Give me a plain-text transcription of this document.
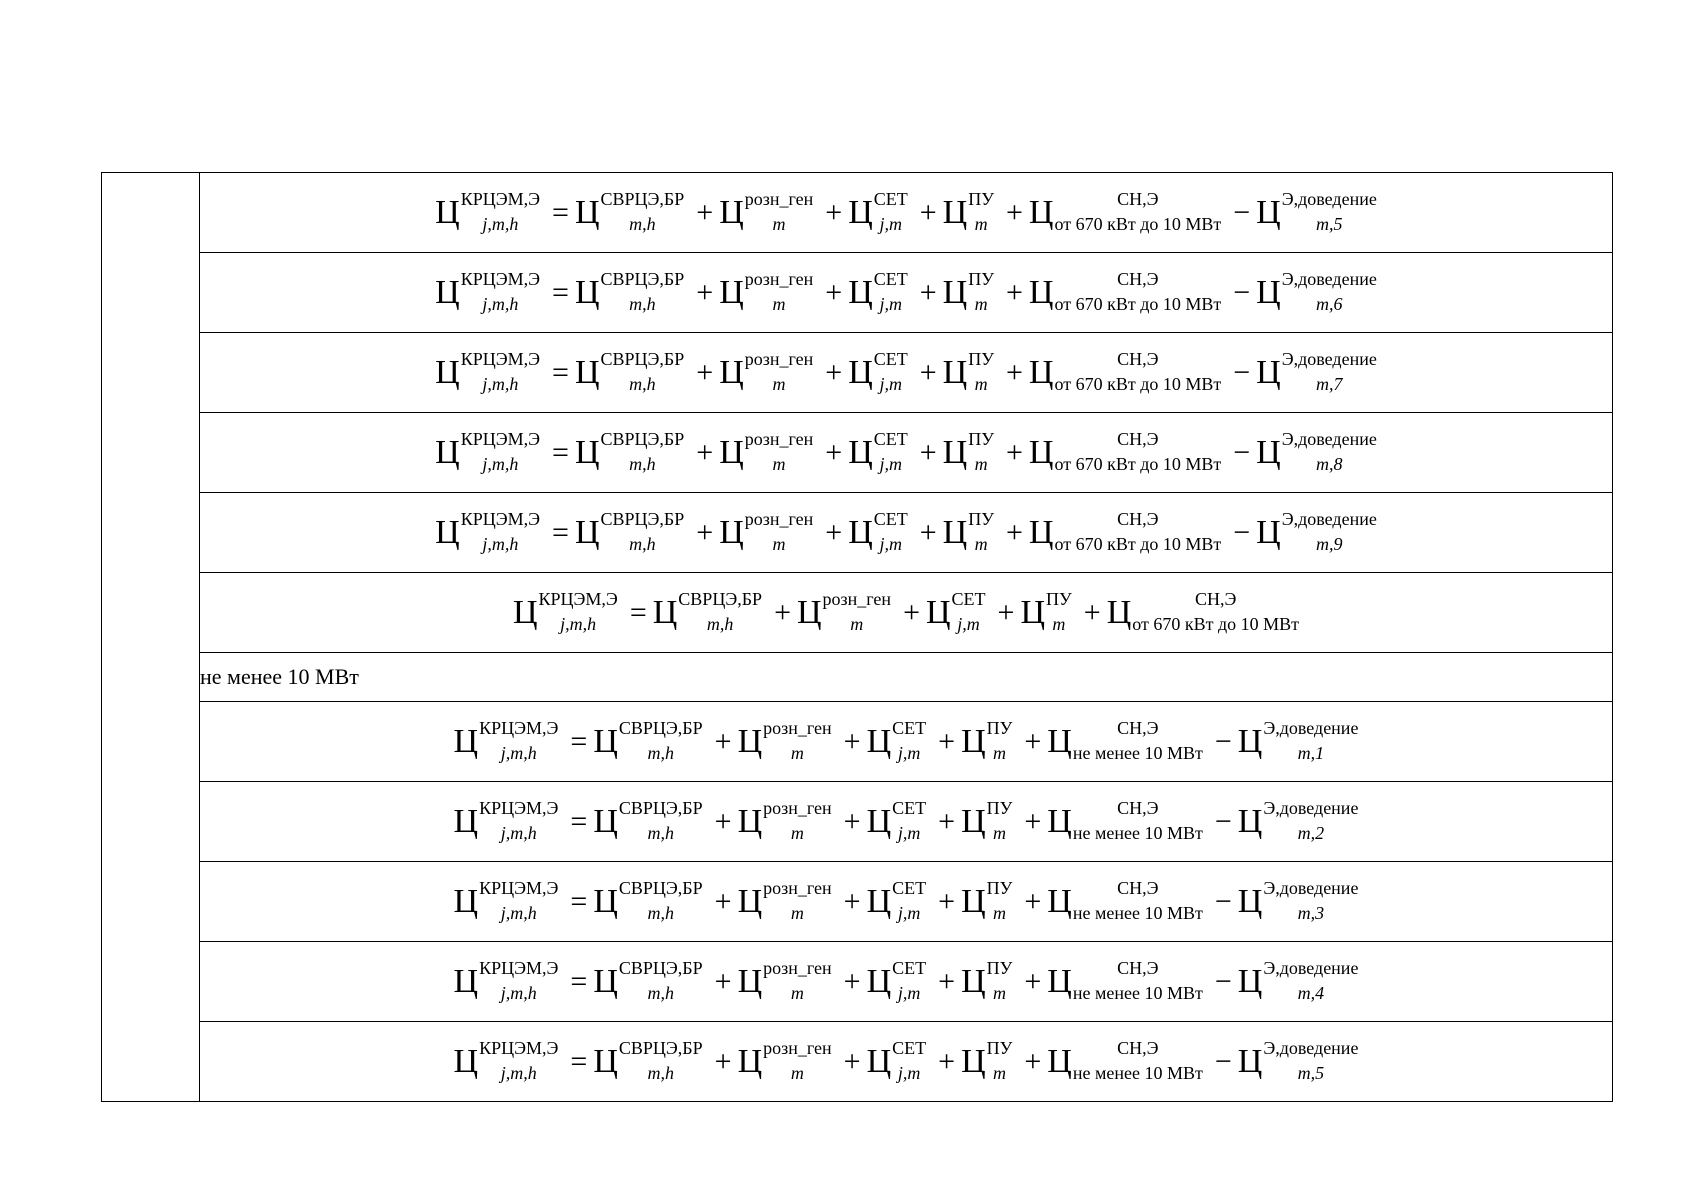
Ц КРЦЭМ,Э
j,m,h	= Ц СВРЦЭ,БР
m,h	+ Ц розн_ген
m	+ Ц СЕТ
j,m + Ц ПУ
m + Ц	СН,Э
от 670 кВт до 10 МВт − Ц Э,доведение
m,5

Ц КРЦЭМ,Э
j,m,h	= Ц СВРЦЭ,БР
m,h	+ Ц розн_ген
m	+ Ц СЕТ
j,m + Ц ПУ
m + Ц	СН,Э
от 670 кВт до 10 МВт − Ц Э,доведение
m,6

Ц КРЦЭМ,Э
j,m,h	= Ц СВРЦЭ,БР
m,h	+ Ц розн_ген
m	+ Ц СЕТ
j,m + Ц ПУ
m + Ц	СН,Э
от 670 кВт до 10 МВт − Ц Э,доведение
m,7

Ц КРЦЭМ,Э
j,m,h	= Ц СВРЦЭ,БР
m,h	+ Ц розн_ген
m	+ Ц СЕТ
j,m + Ц ПУ
m + Ц	СН,Э
от 670 кВт до 10 МВт − Ц Э,доведение
m,8

Ц КРЦЭМ,Э
j,m,h	= Ц СВРЦЭ,БР
m,h	+ Ц розн_ген
m	+ Ц СЕТ
j,m + Ц ПУ
m + Ц	СН,Э
от 670 кВт до 10 МВт − Ц Э,доведение
m,9

Ц КРЦЭМ,Э
j,m,h	= Ц СВРЦЭ,БР
m,h	+ Ц розн_ген
m	+ Ц СЕТ
j,m + Ц ПУ
m + Ц	СН,Э
от 670 кВт до 10 МВт

не менее 10 МВт

Ц КРЦЭМ,Э
j,m,h	= Ц СВРЦЭ,БР
m,h	+ Ц розн_ген
m	+ Ц СЕТ
j,m + Ц ПУ
m + Ц	СН,Э
не менее 10 МВт − Ц Э,доведение
m,1

Ц КРЦЭМ,Э
j,m,h	= Ц СВРЦЭ,БР
m,h	+ Ц розн_ген
m	+ Ц СЕТ
j,m + Ц ПУ
m + Ц	СН,Э
не менее 10 МВт − Ц Э,доведение
m,2

Ц КРЦЭМ,Э
j,m,h	= Ц СВРЦЭ,БР
m,h	+ Ц розн_ген
m	+ Ц СЕТ
j,m + Ц ПУ
m + Ц	СН,Э
не менее 10 МВт − Ц Э,доведение
m,3

Ц КРЦЭМ,Э
j,m,h	= Ц СВРЦЭ,БР
m,h	+ Ц розн_ген
m	+ Ц СЕТ
j,m + Ц ПУ
m + Ц	СН,Э
не менее 10 МВт − Ц Э,доведение
m,4

Ц КРЦЭМ,Э
j,m,h	= Ц СВРЦЭ,БР
m,h	+ Ц розн_ген
m	+ Ц СЕТ
j,m + Ц ПУ
m + Ц	СН,Э
не менее 10 МВт − Ц Э,доведение
m,5
